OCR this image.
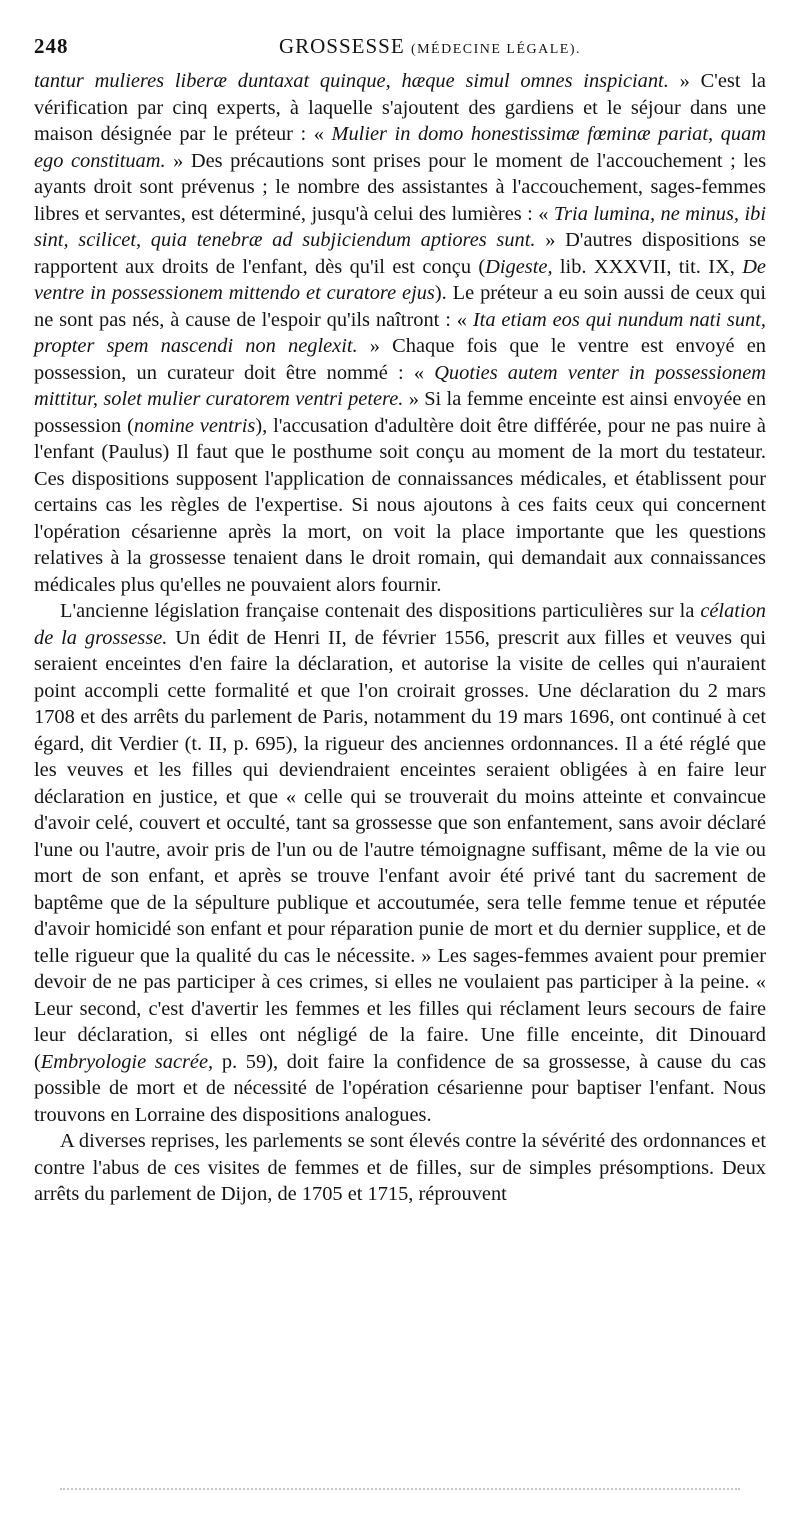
248	GROSSESSE (MÉDECINE LÉGALE).

tantur mulieres liberæ duntaxat quinque, hæque simul omnes inspiciant. » C'est la vérification par cinq experts, à laquelle s'ajoutent des gardiens et le séjour dans une maison désignée par le préteur : « Mulier in domo honestissimæ fœminæ pariat, quam ego constituam. » Des précautions sont prises pour le moment de l'accouchement ; les ayants droit sont prévenus ; le nombre des assistantes à l'accouchement, sages-femmes libres et servantes, est déterminé, jusqu'à celui des lumières : « Tria lumina, ne minus, ibi sint, scilicet, quia tenebræ ad subjiciendum aptiores sunt. » D'autres dispositions se rapportent aux droits de l'enfant, dès qu'il est conçu (Digeste, lib. XXXVII, tit. IX, De ventre in possessionem mittendo et curatore ejus). Le préteur a eu soin aussi de ceux qui ne sont pas nés, à cause de l'espoir qu'ils naîtront : « Ita etiam eos qui nundum nati sunt, propter spem nascendi non neglexit. » Chaque fois que le ventre est envoyé en possession, un curateur doit être nommé : « Quoties autem venter in possessionem mittitur, solet mulier curatorem ventri petere. » Si la femme enceinte est ainsi envoyée en possession (nomine ventris), l'accusation d'adultère doit être différée, pour ne pas nuire à l'enfant (Paulus) Il faut que le posthume soit conçu au moment de la mort du testateur. Ces dispositions supposent l'application de connaissances médicales, et établissent pour certains cas les règles de l'expertise. Si nous ajoutons à ces faits ceux qui concernent l'opération césarienne après la mort, on voit la place importante que les questions relatives à la grossesse tenaient dans le droit romain, qui demandait aux connaissances médicales plus qu'elles ne pouvaient alors fournir.

L'ancienne législation française contenait des dispositions particulières sur la célation de la grossesse. Un édit de Henri II, de février 1556, prescrit aux filles et veuves qui seraient enceintes d'en faire la déclaration, et autorise la visite de celles qui n'auraient point accompli cette formalité et que l'on croirait grosses. Une déclaration du 2 mars 1708 et des arrêts du parlement de Paris, notamment du 19 mars 1696, ont continué à cet égard, dit Verdier (t. II, p. 695), la rigueur des anciennes ordonnances. Il a été réglé que les veuves et les filles qui deviendraient enceintes seraient obligées à en faire leur déclaration en justice, et que « celle qui se trouverait du moins atteinte et convaincue d'avoir celé, couvert et occulté, tant sa grossesse que son enfantement, sans avoir déclaré l'une ou l'autre, avoir pris de l'un ou de l'autre témoignagne suffisant, même de la vie ou mort de son enfant, et après se trouve l'enfant avoir été privé tant du sacrement de baptême que de la sépulture publique et accoutumée, sera telle femme tenue et réputée d'avoir homicidé son enfant et pour réparation punie de mort et du dernier supplice, et de telle rigueur que la qualité du cas le nécessite. » Les sages-femmes avaient pour premier devoir de ne pas participer à ces crimes, si elles ne voulaient pas participer à la peine. « Leur second, c'est d'avertir les femmes et les filles qui réclament leurs secours de faire leur déclaration, si elles ont négligé de la faire. Une fille enceinte, dit Dinouard (Embryologie sacrée, p. 59), doit faire la confidence de sa grossesse, à cause du cas possible de mort et de nécessité de l'opération césarienne pour baptiser l'enfant. Nous trouvons en Lorraine des dispositions analogues.

A diverses reprises, les parlements se sont élevés contre la sévérité des ordonnances et contre l'abus de ces visites de femmes et de filles, sur de simples présomptions. Deux arrêts du parlement de Dijon, de 1705 et 1715, réprouvent
